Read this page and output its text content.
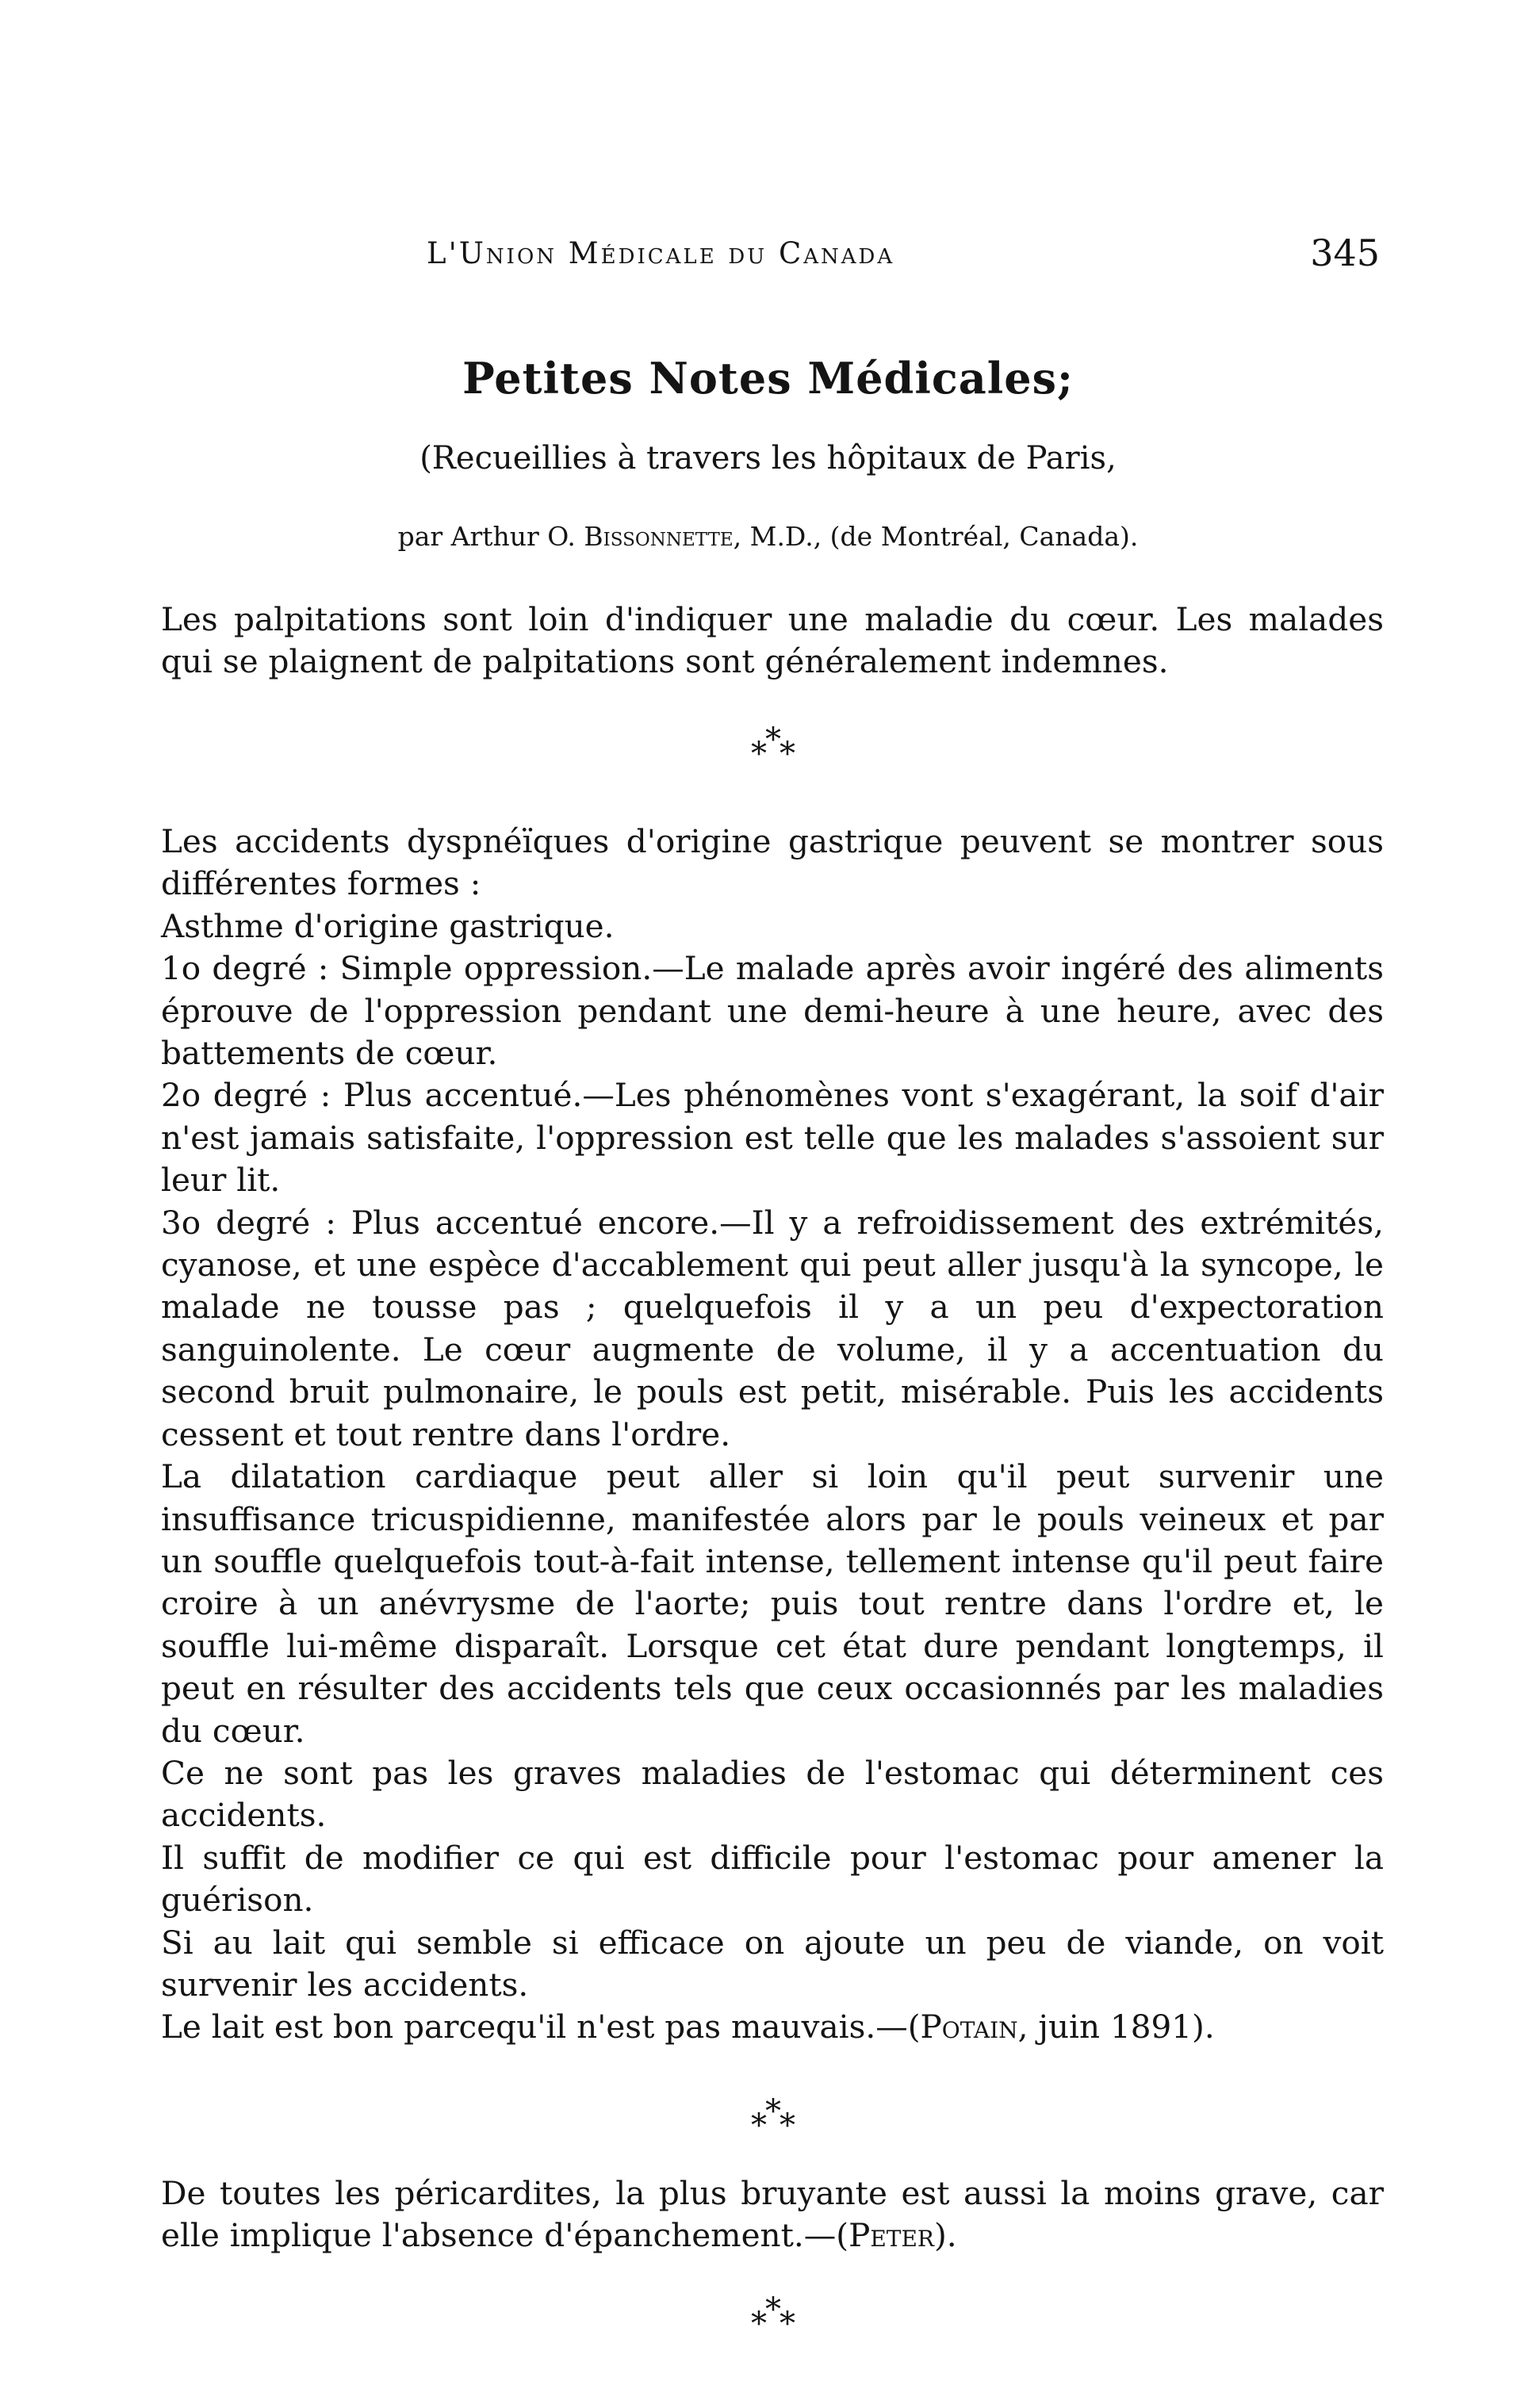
L'Union Médicale du Canada	345
Petites Notes Médicales;
(Recueillies à travers les hôpitaux de Paris,
par Arthur O. Bissonnette, M.D., (de Montréal, Canada).

Les palpitations sont loin d'indiquer une maladie du cœur. Les malades qui se plaignent de palpitations sont généralement indemnes.

***

Les accidents dyspnéïques d'origine gastrique peuvent se montrer sous différentes formes :

Asthme d'origine gastrique.

1o degré : Simple oppression.—Le malade après avoir ingéré des aliments éprouve de l'oppression pendant une demi-heure à une heure, avec des battements de cœur.

2o degré : Plus accentué.—Les phénomènes vont s'exagérant, la soif d'air n'est jamais satisfaite, l'oppression est telle que les malades s'assoient sur leur lit.

3o degré : Plus accentué encore.—Il y a refroidissement des extrémités, cyanose, et une espèce d'accablement qui peut aller jusqu'à la syncope, le malade ne tousse pas ; quelquefois il y a un peu d'expectoration sanguinolente. Le cœur augmente de volume, il y a accentuation du second bruit pulmonaire, le pouls est petit, misérable. Puis les accidents cessent et tout rentre dans l'ordre.

La dilatation cardiaque peut aller si loin qu'il peut survenir une insuffisance tricuspidienne, manifestée alors par le pouls veineux et par un souffle quelquefois tout-à-fait intense, tellement intense qu'il peut faire croire à un anévrysme de l'aorte; puis tout rentre dans l'ordre et, le souffle lui-même disparaît. Lorsque cet état dure pendant longtemps, il peut en résulter des accidents tels que ceux occasionnés par les maladies du cœur.

Ce ne sont pas les graves maladies de l'estomac qui déterminent ces accidents.

Il suffit de modifier ce qui est difficile pour l'estomac pour amener la guérison.

Si au lait qui semble si efficace on ajoute un peu de viande, on voit survenir les accidents.

Le lait est bon parcequ'il n'est pas mauvais.—(Potain, juin 1891).

***

De toutes les péricardites, la plus bruyante est aussi la moins grave, car elle implique l'absence d'épanchement.—(Peter).

***
